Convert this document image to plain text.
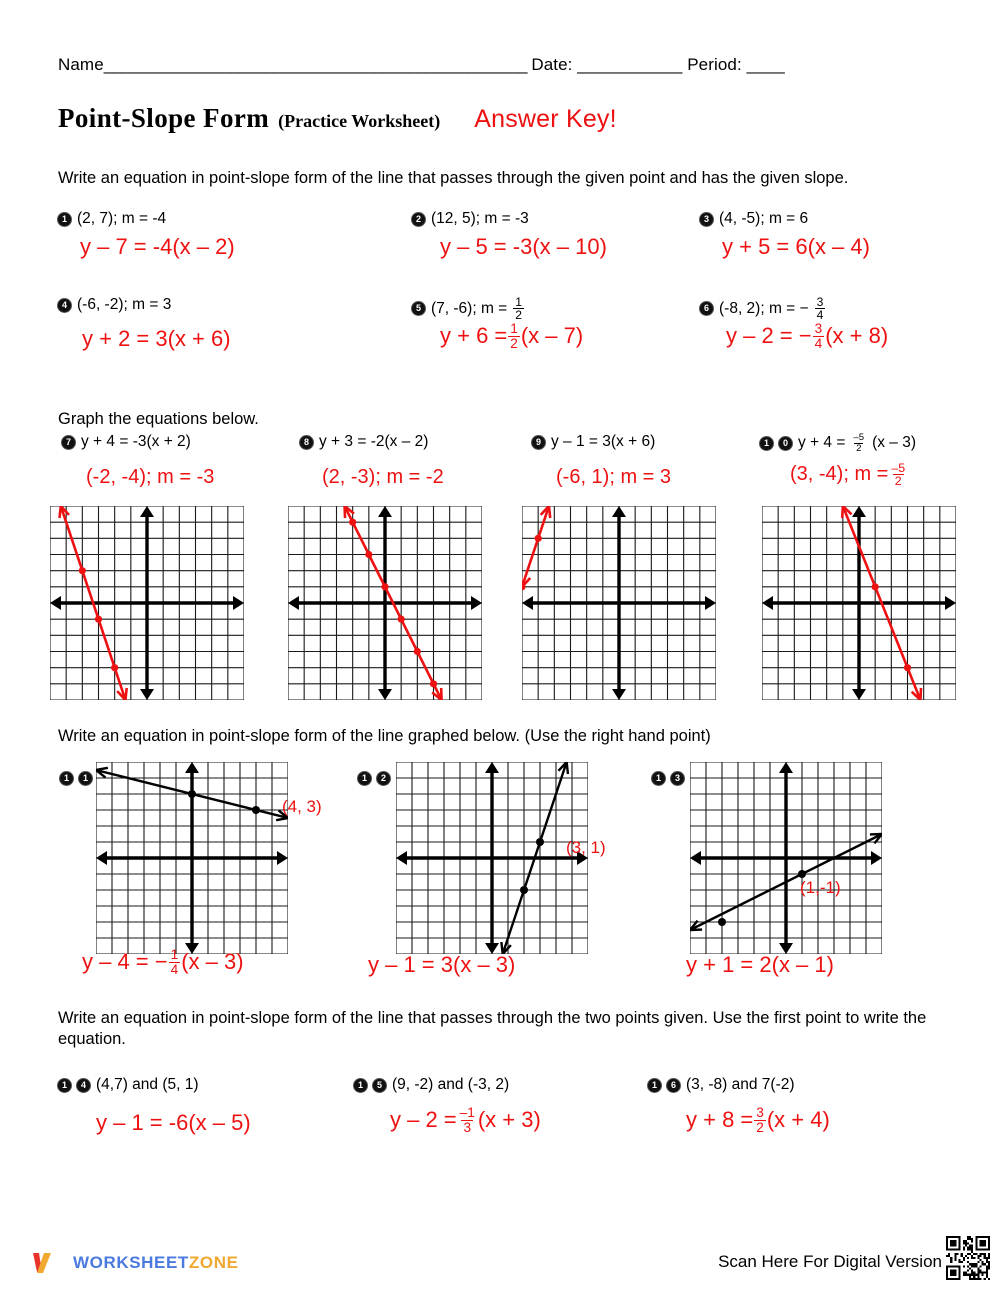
Name__________________________________________________ Date: ___________ Period: ____
Point-Slope Form (Practice Worksheet) Answer Key!
Write an equation in point-slope form of the line that passes through the given point and has the given slope.
Graph the equations below.
Write an equation in point-slope form of the line graphed below. (Use the right hand point)
Write an equation in point-slope form of the line that passes through the two points given. Use the first point to write the equation.
1 (2, 7); m = -4
y – 7 = -4(x – 2)
2 (12, 5); m = -3
y – 5 = -3(x – 10)
3 (4, -5); m = 6
y + 5 = 6(x – 4)
4 (-6, -2); m = 3
y + 2 = 3(x + 6)
5 (7, -6); $m = \frac{1}{2}$
$y + 6 = \frac{1}{2} (x - 7)$
6 (-8, 2); m = − $\frac{3}{4}$
y – 2 = − $\frac{3}{4} (x + 8)$
7 y + 4 = -3(x + 2)
(-2, -4); m = -3
8 y + 3 = -2(x – 2)
(2, -3); m = -2
9 y – 1 = 3(x + 6)
(-6, 1); m = 3
1	0 $y + 4 = \frac{-5}{2} (x - 3)$
(3, -4); $m = \frac{-5}{2}$
1	1
(4, 3)
y – 4 = − $\frac{1}{4} (x - 3)$
1	2
(3, 1)
y – 1 = 3(x – 3)
1	3
(1,-1)
y + 1 = 2(x – 1)
1	4 (4,7) and (5, 1)
y – 1 = -6(x – 5)
1	5 (9, -2) and (-3, 2)
$y - 2 = \frac{-1}{3} (x + 3)$
1	6 (3, -8) and 7(-2)
$y + 8 = \frac{3}{2} (x + 4)$
WORKSHEETZONE	Scan Here For Digital Version
